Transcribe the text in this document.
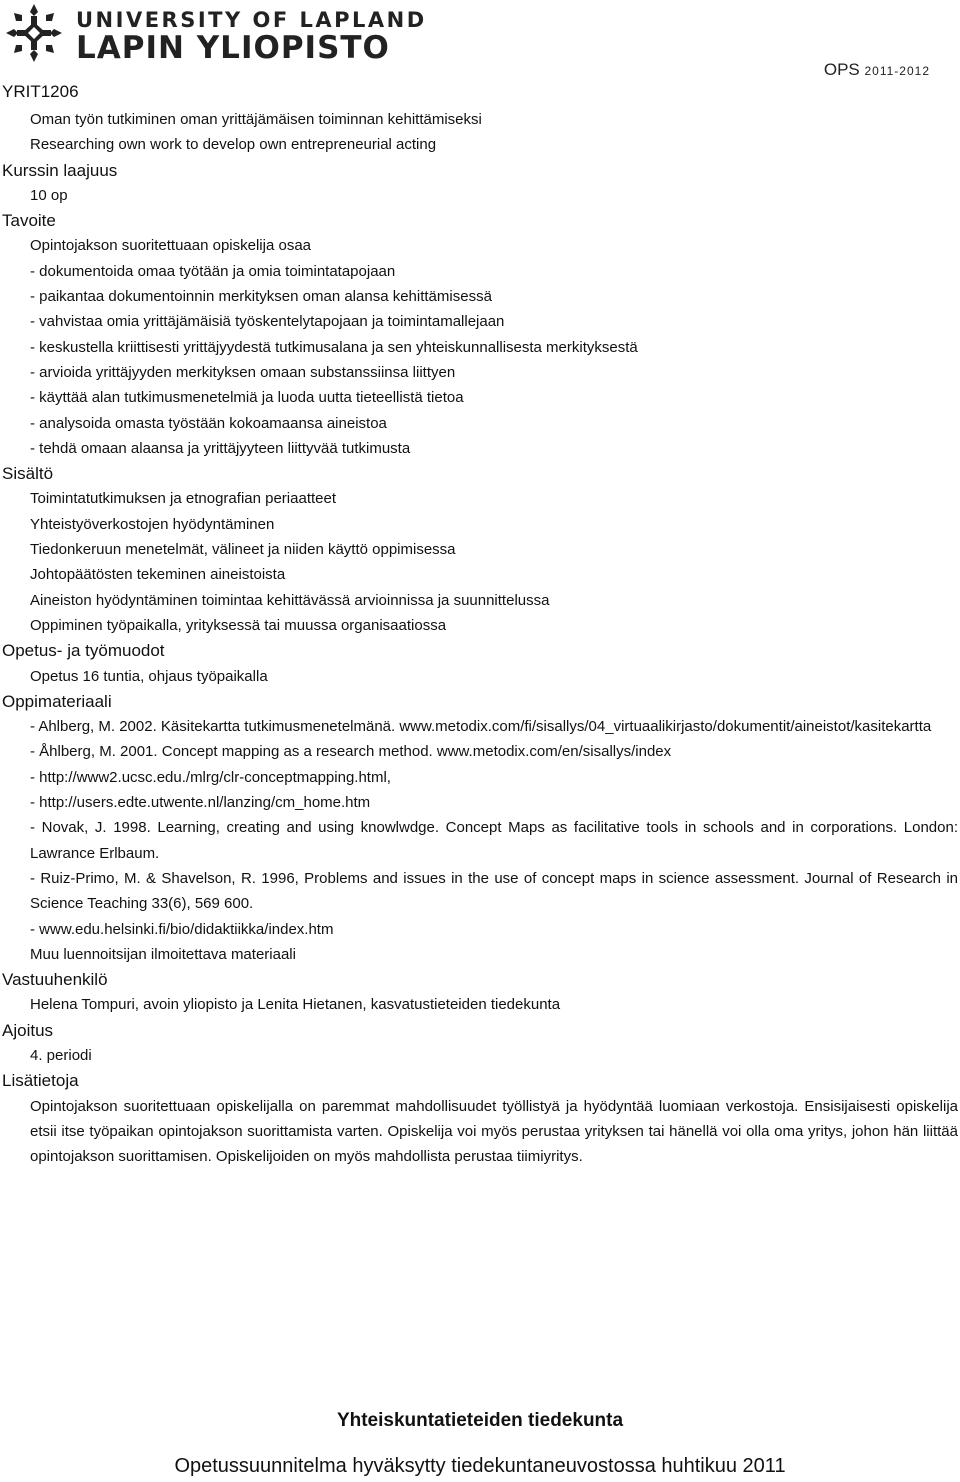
UNIVERSITY OF LAPLAND
LAPIN YLIOPISTO
OPS 2011-2012
YRIT1206
Oman työn tutkiminen oman yrittäjämäisen toiminnan kehittämiseksi
Researching own work to develop own entrepreneurial acting
Kurssin laajuus
10 op
Tavoite
Opintojakson suoritettuaan opiskelija osaa
- dokumentoida omaa työtään ja omia toimintatapojaan
- paikantaa dokumentoinnin merkityksen oman alansa kehittämisessä
- vahvistaa omia yrittäjämäisiä työskentelytapojaan ja toimintamallejaan
- keskustella kriittisesti yrittäjyydestä tutkimusalana ja sen yhteiskunnallisesta merkityksestä
- arvioida yrittäjyyden merkityksen omaan substanssiinsa liittyen
- käyttää alan tutkimusmenetelmiä ja luoda uutta tieteellistä tietoa
- analysoida omasta työstään kokoamaansa aineistoa
- tehdä omaan alaansa ja yrittäjyyteen liittyvää tutkimusta
Sisältö
Toimintatutkimuksen ja etnografian periaatteet
Yhteistyöverkostojen hyödyntäminen
Tiedonkeruun menetelmät, välineet ja niiden käyttö oppimisessa
Johtopäätösten tekeminen aineistoista
Aineiston hyödyntäminen toimintaa kehittävässä arvioinnissa ja suunnittelussa
Oppiminen työpaikalla, yrityksessä tai muussa organisaatiossa
Opetus- ja työmuodot
Opetus 16 tuntia, ohjaus työpaikalla
Oppimateriaali
- Ahlberg, M. 2002. Käsitekartta tutkimusmenetelmänä. www.metodix.com/fi/sisallys/04_virtuaalikirjasto/dokumentit/aineistot/kasitekartta
- Åhlberg, M. 2001. Concept mapping as a research method. www.metodix.com/en/sisallys/index
- http://www2.ucsc.edu./mlrg/clr-conceptmapping.html,
- http://users.edte.utwente.nl/lanzing/cm_home.htm
- Novak, J. 1998. Learning, creating and using knowlwdge. Concept Maps as facilitative tools in schools and in corporations. London: Lawrance Erlbaum.
- Ruiz-Primo, M. & Shavelson, R. 1996, Problems and issues in the use of concept maps in science assessment. Journal of Research in Science Teaching 33(6), 569 600.
- www.edu.helsinki.fi/bio/didaktiikka/index.htm
Muu luennoitsijan ilmoitettava materiaali
Vastuuhenkilö
Helena Tompuri, avoin yliopisto ja Lenita Hietanen, kasvatustieteiden tiedekunta
Ajoitus
4. periodi
Lisätietoja
Opintojakson suoritettuaan opiskelijalla on paremmat mahdollisuudet työllistyä ja hyödyntää luomiaan verkostoja. Ensisijaisesti opiskelija etsii itse työpaikan opintojakson suorittamista varten. Opiskelija voi myös perustaa yrityksen tai hänellä voi olla oma yritys, johon hän liittää opintojakson suorittamisen. Opiskelijoiden on myös mahdollista perustaa tiimiyritys.
Yhteiskuntatieteiden tiedekunta
Opetussuunnitelma hyväksytty tiedekuntaneuvostossa huhtikuu 2011
